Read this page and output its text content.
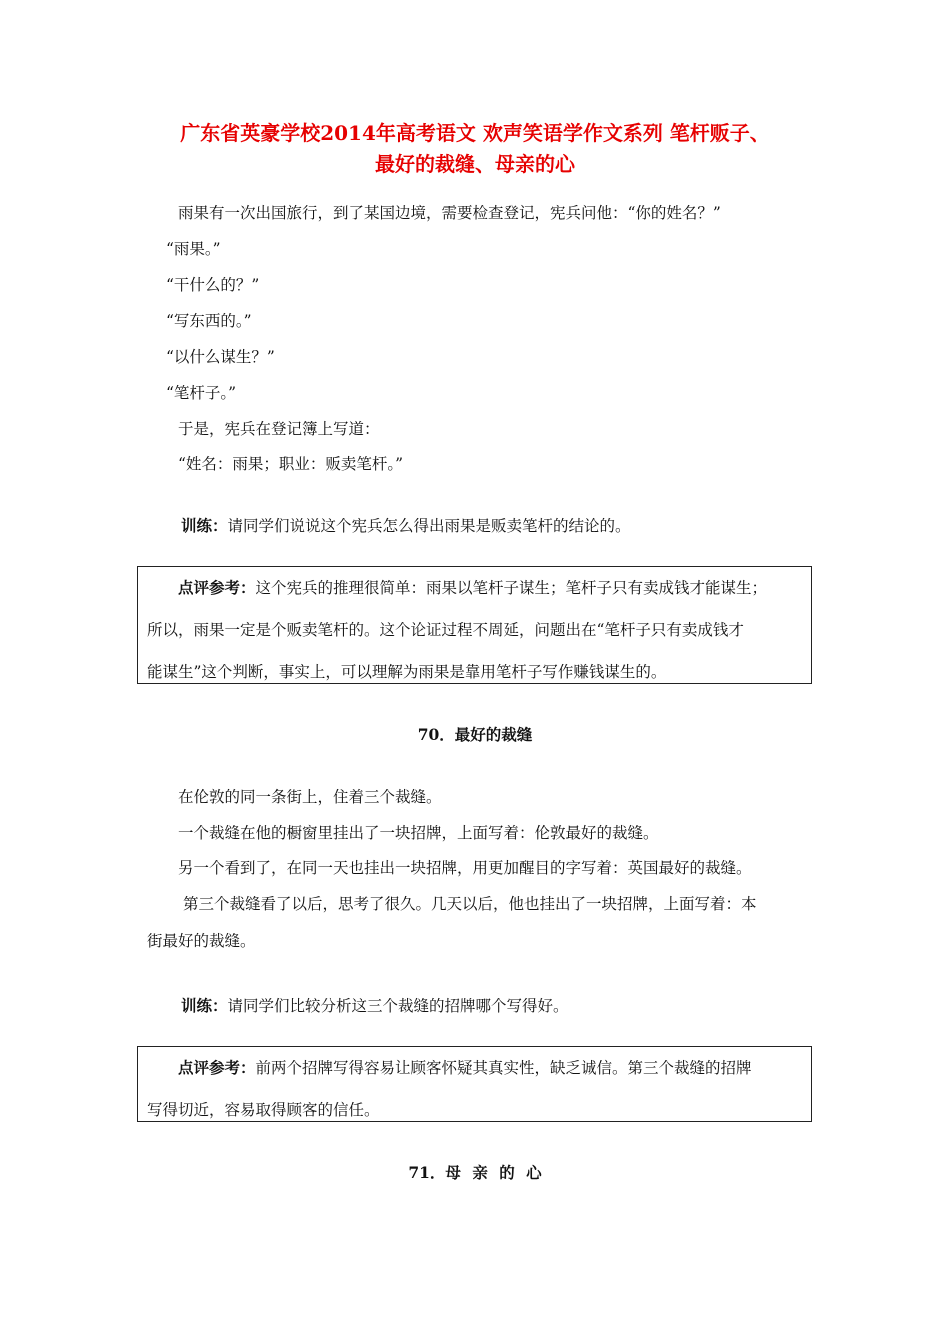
广东省英豪学校2014年高考语文 欢声笑语学作文系列 笔杆贩子、
最好的裁缝、母亲的心
雨果有一次出国旅行，到了某国边境，需要检查登记，宪兵问他：“你的姓名？”
“雨果。”
“干什么的？”
“写东西的。”
“以什么谋生？”
“笔杆子。”
于是，宪兵在登记簿上写道：
“姓名：雨果；职业：贩卖笔杆。”
训练：请同学们说说这个宪兵怎么得出雨果是贩卖笔杆的结论的。
点评参考：这个宪兵的推理很简单：雨果以笔杆子谋生；笔杆子只有卖成钱才能谋生；
所以，雨果一定是个贩卖笔杆的。这个论证过程不周延，问题出在“笔杆子只有卖成钱才
能谋生”这个判断，事实上，可以理解为雨果是靠用笔杆子写作赚钱谋生的。
70．最好的裁缝
在伦敦的同一条街上，住着三个裁缝。
一个裁缝在他的橱窗里挂出了一块招牌，上面写着：伦敦最好的裁缝。
另一个看到了，在同一天也挂出一块招牌，用更加醒目的字写着：英国最好的裁缝。
第三个裁缝看了以后，思考了很久。几天以后，他也挂出了一块招牌，上面写着：本
街最好的裁缝。
训练：请同学们比较分析这三个裁缝的招牌哪个写得好。
点评参考：前两个招牌写得容易让顾客怀疑其真实性，缺乏诚信。第三个裁缝的招牌
写得切近，容易取得顾客的信任。
71．母 亲 的 心
